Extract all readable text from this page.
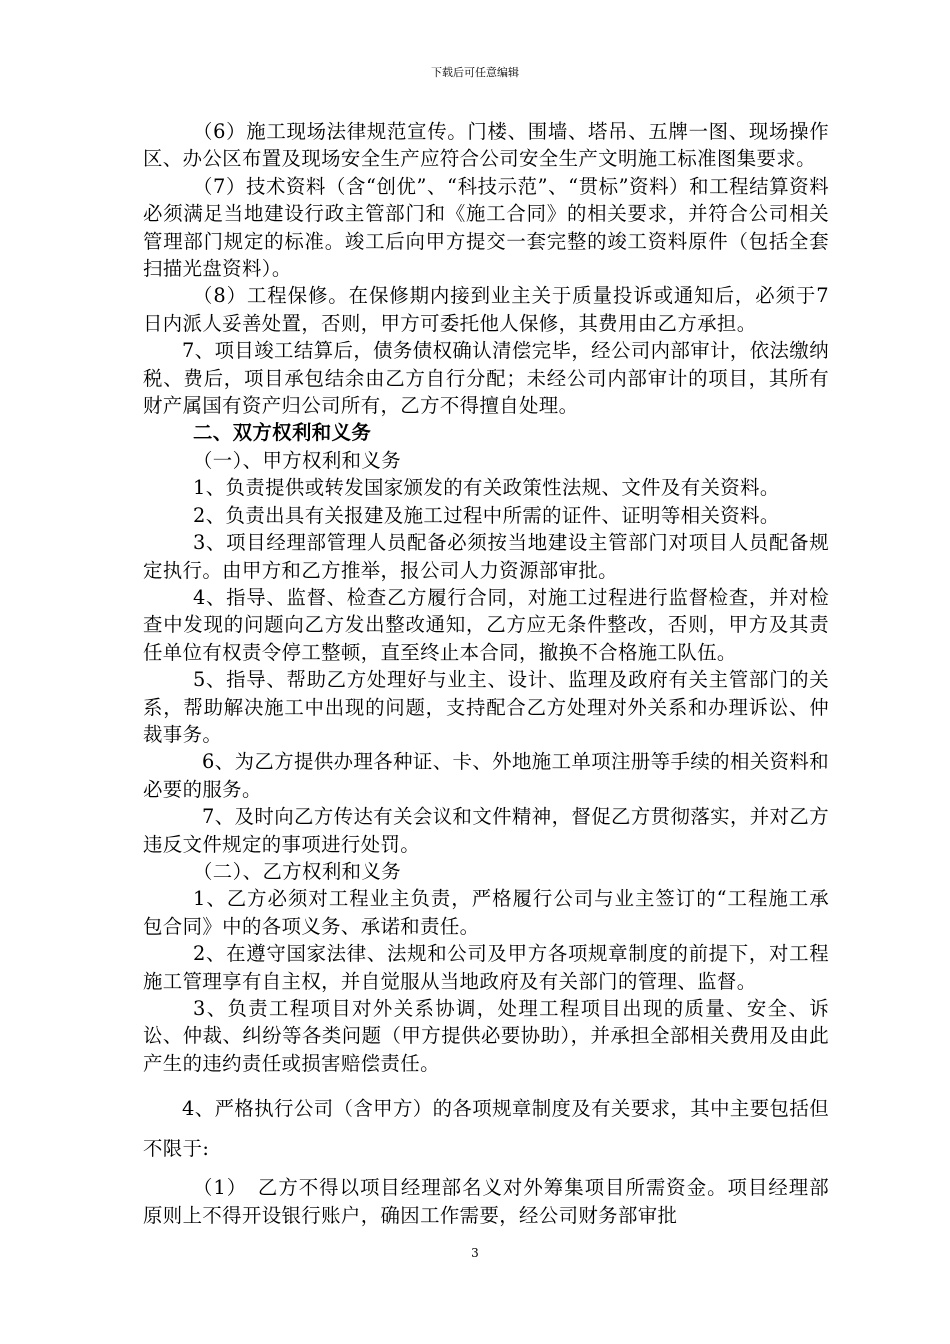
下载后可任意编辑

（6）施工现场法律规范宣传。门楼、围墙、塔吊、五牌一图、现场操作区、办公区布置及现场安全生产应符合公司安全生产文明施工标准图集要求。

（7）技术资料（含“创优”、“科技示范”、“贯标”资料）和工程结算资料必须满足当地建设行政主管部门和《施工合同》的相关要求，并符合公司相关管理部门规定的标准。竣工后向甲方提交一套完整的竣工资料原件（包括全套扫描光盘资料）。

（8）工程保修。在保修期内接到业主关于质量投诉或通知后，必须于7日内派人妥善处置，否则，甲方可委托他人保修，其费用由乙方承担。

7、项目竣工结算后，债务债权确认清偿完毕，经公司内部审计，依法缴纳税、费后，项目承包结余由乙方自行分配；未经公司内部审计的项目，其所有财产属国有资产归公司所有，乙方不得擅自处理。

二、双方权利和义务

（一）、甲方权利和义务

1、负责提供或转发国家颁发的有关政策性法规、文件及有关资料。

2、负责出具有关报建及施工过程中所需的证件、证明等相关资料。

3、项目经理部管理人员配备必须按当地建设主管部门对项目人员配备规定执行。由甲方和乙方推举，报公司人力资源部审批。

4、指导、监督、检查乙方履行合同，对施工过程进行监督检查，并对检查中发现的问题向乙方发出整改通知，乙方应无条件整改，否则，甲方及其责任单位有权责令停工整顿，直至终止本合同，撤换不合格施工队伍。

5、指导、帮助乙方处理好与业主、设计、监理及政府有关主管部门的关系，帮助解决施工中出现的问题，支持配合乙方处理对外关系和办理诉讼、仲裁事务。

6、为乙方提供办理各种证、卡、外地施工单项注册等手续的相关资料和必要的服务。

7、及时向乙方传达有关会议和文件精神，督促乙方贯彻落实，并对乙方违反文件规定的事项进行处罚。

（二）、乙方权利和义务

1、乙方必须对工程业主负责，严格履行公司与业主签订的“工程施工承包合同》中的各项义务、承诺和责任。

2、在遵守国家法律、法规和公司及甲方各项规章制度的前提下，对工程施工管理享有自主权，并自觉服从当地政府及有关部门的管理、监督。

3、负责工程项目对外关系协调，处理工程项目出现的质量、安全、诉讼、仲裁、纠纷等各类问题（甲方提供必要协助），并承担全部相关费用及由此产生的违约责任或损害赔偿责任。

4、严格执行公司（含甲方）的各项规章制度及有关要求，其中主要包括但不限于:

（1）　乙方不得以项目经理部名义对外筹集项目所需资金。项目经理部原则上不得开设银行账户，确因工作需要，经公司财务部审批

3
